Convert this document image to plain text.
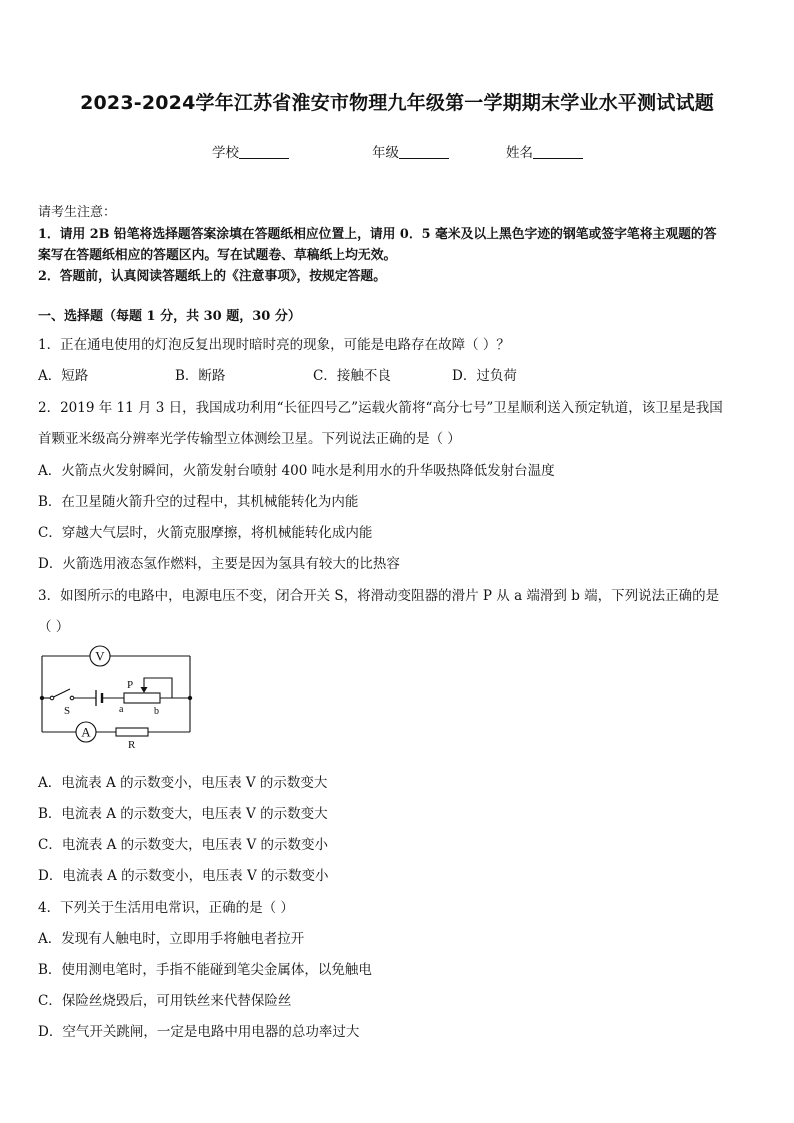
2023-2024学年江苏省淮安市物理九年级第一学期期末学业水平测试试题
学校	年级	姓名
请考生注意：
1．请用 2B 铅笔将选择题答案涂填在答题纸相应位置上，请用 0．5 毫米及以上黑色字迹的钢笔或签字笔将主观题的答
案写在答题纸相应的答题区内。写在试题卷、草稿纸上均无效。
2．答题前，认真阅读答题纸上的《注意事项》，按规定答题。
一、选择题（每题 1 分，共 30 题，30 分）
1．正在通电使用的灯泡反复出现时暗时亮的现象，可能是电路存在故障（ ）？
A．短路	B．断路	C．接触不良	D．过负荷
2．2019 年 11 月 3 日，我国成功利用“长征四号乙”运载火箭将“高分七号”卫星顺利送入预定轨道，该卫星是我国
首颗亚米级高分辨率光学传输型立体测绘卫星。下列说法正确的是（ ）
A．火箭点火发射瞬间，火箭发射台喷射 400 吨水是利用水的升华吸热降低发射台温度
B．在卫星随火箭升空的过程中，其机械能转化为内能
C．穿越大气层时，火箭克服摩擦，将机械能转化成内能
D．火箭选用液态氢作燃料，主要是因为氢具有较大的比热容
3．如图所示的电路中，电源电压不变，闭合开关 S，将滑动变阻器的滑片 P 从 a 端滑到 b 端，下列说法正确的是
（ ）
V
A
S
P
a	b
R
A．电流表 A 的示数变小，电压表 V 的示数变大
B．电流表 A 的示数变大，电压表 V 的示数变大
C．电流表 A 的示数变大，电压表 V 的示数变小
D．电流表 A 的示数变小，电压表 V 的示数变小
4．下列关于生活用电常识，正确的是（ ）
A．发现有人触电时，立即用手将触电者拉开
B．使用测电笔时，手指不能碰到笔尖金属体，以免触电
C．保险丝烧毁后，可用铁丝来代替保险丝
D．空气开关跳闸，一定是电路中用电器的总功率过大
